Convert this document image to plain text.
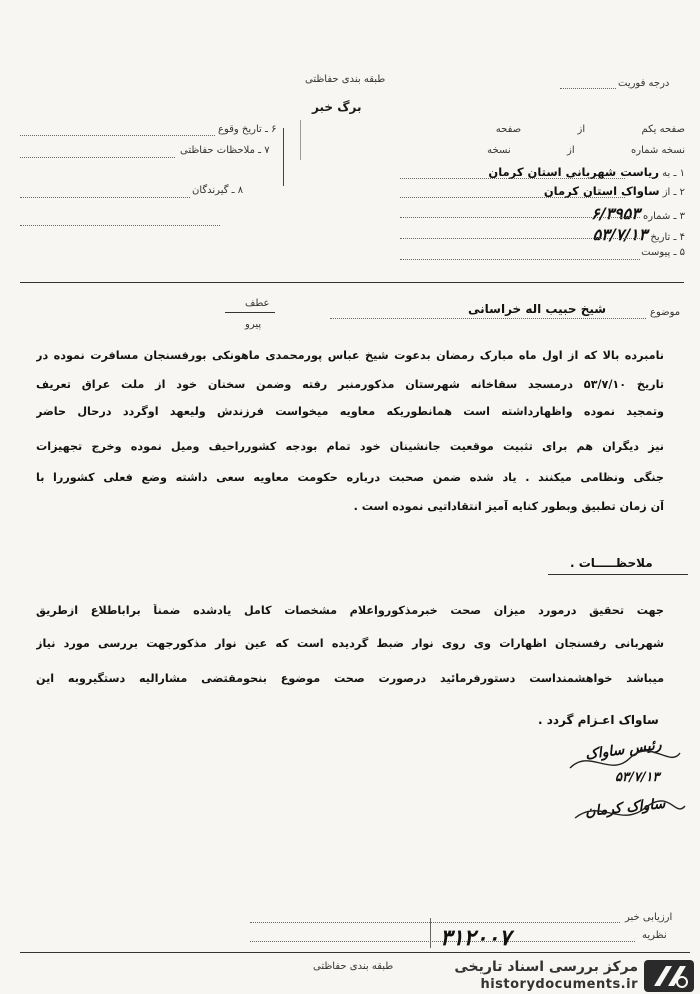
طبقه بندی حفاظتی
برگ خبر
درجه فوریت
۶ ـ تاریخ وقوع
۷ ـ ملاحظات حفاظتی
۸ ـ گیرندگان
صفحه یکم  از  صفحه
نسخه شماره  از  نسخه
۱ ـ به ریاست شهربانی استان کرمان
۲ ـ از ساواک استان کرمان
۳ ـ شماره ۶/۳۹۵۳
۴ ـ تاریخ ۵۳/۷/۱۳
۵ ـ پیوست
موضوع
شیخ حبیب اله خراسانی
عطف
پیرو
نامبرده بالا که از اول ماه مبارک رمضان بدعوت شیخ عباس پورمحمدی ماهونکی بورفسنجان مسافرت نموده در
تاریخ ۵۳/۷/۱۰ درمسجد سقاخانه شهرستان مذکورمنبر رفته وضمن سخنان خود از ملت عراق تعریف
وتمجید نموده واظهارداشته است همانطوریکه معاویه میخواست فرزندش ولیعهد اوگردد درحال حاضر
نیز دیگران هم برای تثبیت موقعیت جانشینان خود تمام بودجه کشورراحیف ومیل نموده وخرج تجهیزات
جنگی ونظامی میکنند . یاد شده ضمن صحبت درباره حکومت معاویه سعی داشته وضع فعلی کشوررا با
آن زمان تطبیق وبطور کنایه آمیز انتقاداتیی نموده است .
ملاحظـــــات .
جهت تحقیق درمورد میزان صحت خبرمذکورواعلام مشخصات کامل یادشده ضمناً براباطلاع ازطریق
شهربانی رفسنجان اظهارات وی روی نوار ضبط گردیده است که عین نوار مذکورجهت بررسی مورد نیاز
میباشد خواهشمنداست دستورفرمائید درصورت صحت موضوع بنحومقتضی مشارالیه دستگیروبه این
ساواک اعـزام گردد .
رئیس ساواک
۵۳/۷/۱۳
ساواک کرمان
ارزیابی خبر
نظریه
طبقه بندی حفاظتی
۳۱۲۰۰۷
مرکز بررسی اسناد تاریخی
historydocuments.ir
